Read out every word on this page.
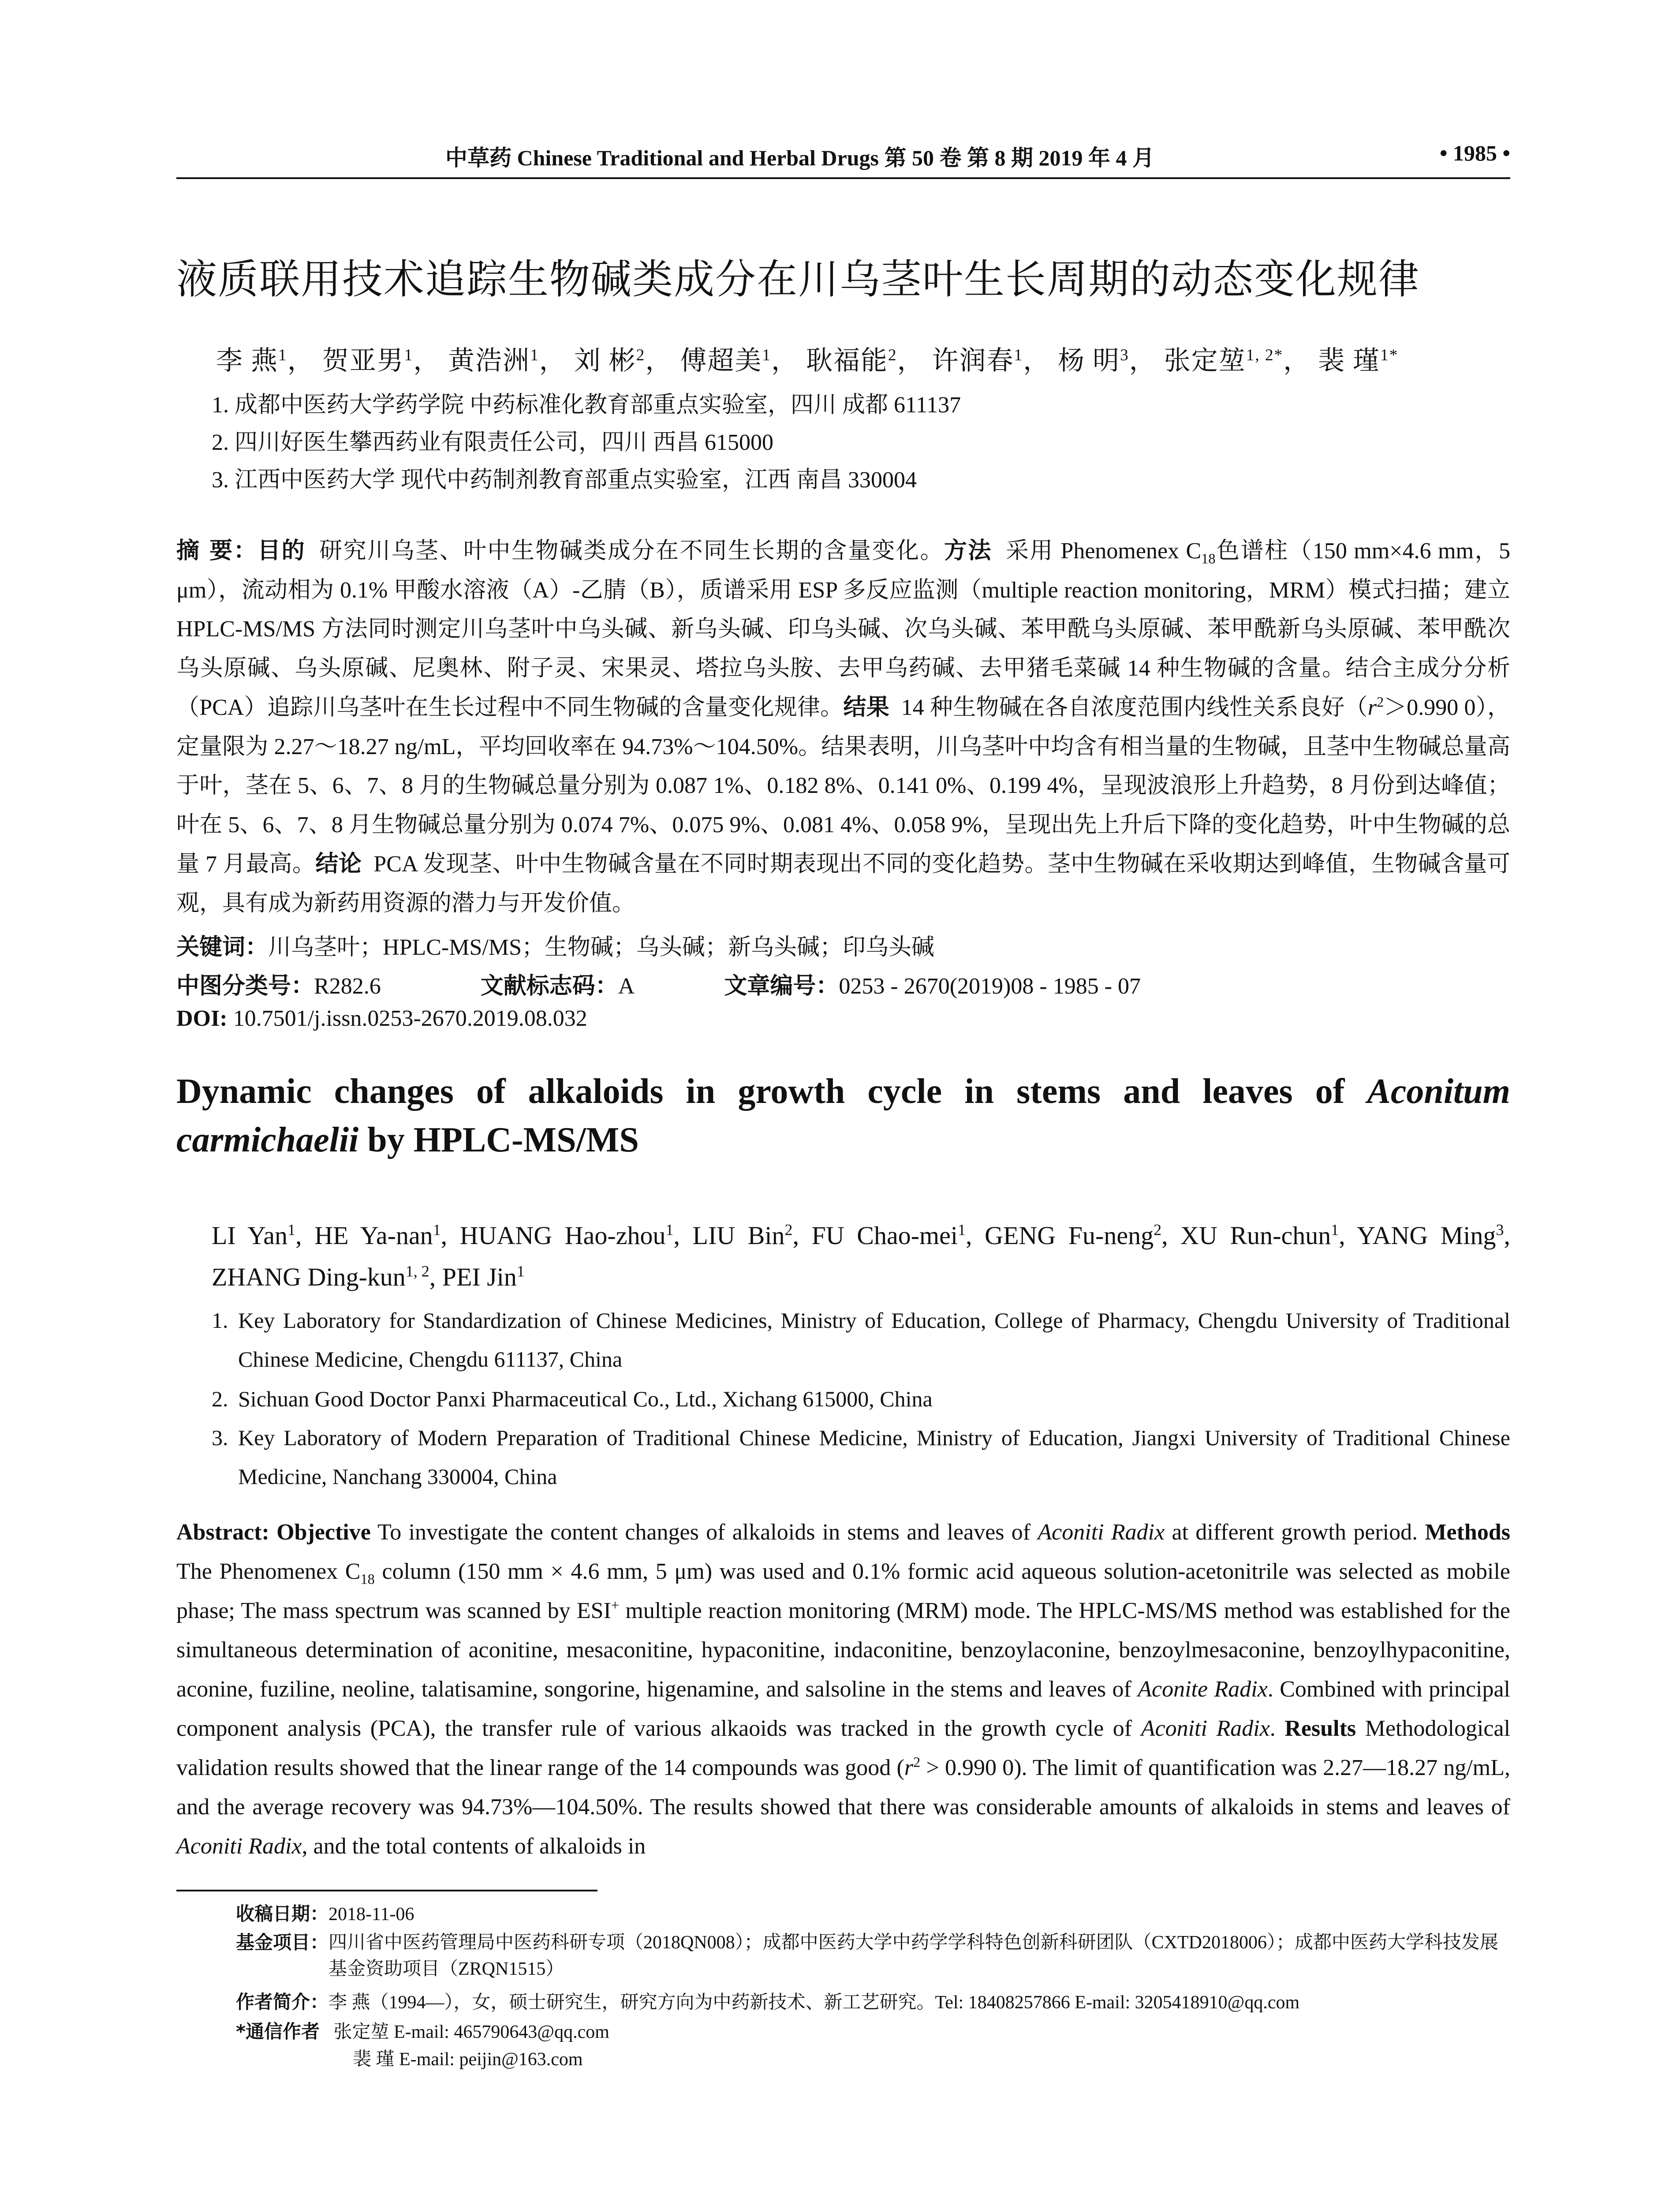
中草药 Chinese Traditional and Herbal Drugs 第 50 卷 第 8 期 2019 年 4 月	• 1985 •
液质联用技术追踪生物碱类成分在川乌茎叶生长周期的动态变化规律
李 燕$^1$， 贺亚男$^1$， 黄浩洲$^1$， 刘 彬$^2$， 傅超美$^1$， 耿福能$^2$， 许润春$^1$， 杨 明$^3$， 张定堃$^{1, 2*}$， 裴 瑾$^{1*}$
1. 成都中医药大学药学院 中药标准化教育部重点实验室，四川 成都 611137
2. 四川好医生攀西药业有限责任公司，四川 西昌 615000
3. 江西中医药大学 现代中药制剂教育部重点实验室，江西 南昌 330004
摘 要：目的 研究川乌茎、叶中生物碱类成分在不同生长期的含量变化。方法 采用 Phenomenex $C_{18}$色谱柱（150 mm×4.6 mm，5 μm），流动相为 0.1% 甲酸水溶液（A）-乙腈（B），质谱采用 ESP 多反应监测（multiple reaction monitoring，MRM）模式扫描；建立 HPLC-MS/MS 方法同时测定川乌茎叶中乌头碱、新乌头碱、印乌头碱、次乌头碱、苯甲酰乌头原碱、苯甲酰新乌头原碱、苯甲酰次乌头原碱、乌头原碱、尼奥林、附子灵、宋果灵、塔拉乌头胺、去甲乌药碱、去甲猪毛菜碱 14 种生物碱的含量。结合主成分分析（PCA）追踪川乌茎叶在生长过程中不同生物碱的含量变化规律。结果 14 种生物碱在各自浓度范围内线性关系良好（$r^2>0.990$ 0），定量限为 2.27～18.27 ng/mL，平均回收率在 94.73%～104.50%。结果表明，川乌茎叶中均含有相当量的生物碱，且茎中生物碱总量高于叶，茎在 5、6、7、8 月的生物碱总量分别为 0.087 1%、0.182 8%、0.141 0%、0.199 4%，呈现波浪形上升趋势，8 月份到达峰值；叶在 5、6、7、8 月生物碱总量分别为 0.074 7%、0.075 9%、0.081 4%、0.058 9%，呈现出先上升后下降的变化趋势，叶中生物碱的总量 7 月最高。结论 PCA 发现茎、叶中生物碱含量在不同时期表现出不同的变化趋势。茎中生物碱在采收期达到峰值，生物碱含量可观，具有成为新药用资源的潜力与开发价值。
关键词：川乌茎叶；HPLC-MS/MS；生物碱；乌头碱；新乌头碱；印乌头碱
中图分类号：R282.6	文献标志码：A	文章编号：0253 - 2670(2019)08 - 1985 - 07
DOI: 10.7501/j.issn.0253-2670.2019.08.032
Dynamic changes of alkaloids in growth cycle in stems and leaves of Aconitum carmichaelii by HPLC-MS/MS
LI Yan$^1$, HE Ya-nan$^1$, HUANG Hao-zhou$^1$, LIU Bin$^2$, FU Chao-mei$^1$, GENG Fu-neng$^2$, XU Run-chun$^1$, YANG Ming$^3$, ZHANG Ding-kun$^{1, 2}$, PEI Jin$^1$
1. Key Laboratory for Standardization of Chinese Medicines, Ministry of Education, College of Pharmacy, Chengdu University of Traditional Chinese Medicine, Chengdu 611137, China
2. Sichuan Good Doctor Panxi Pharmaceutical Co., Ltd., Xichang 615000, China
3. Key Laboratory of Modern Preparation of Traditional Chinese Medicine, Ministry of Education, Jiangxi University of Traditional Chinese Medicine, Nanchang 330004, China
Abstract: Objective To investigate the content changes of alkaloids in stems and leaves of Aconiti Radix at different growth period. Methods The Phenomenex $C_{18}$ column (150 mm × 4.6 mm, 5 μm) was used and 0.1% formic acid aqueous solution-acetonitrile was selected as mobile phase; The mass spectrum was scanned by ESI+ multiple reaction monitoring (MRM) mode. The HPLC-MS/MS method was established for the simultaneous determination of aconitine, mesaconitine, hypaconitine, indaconitine, benzoylaconine, benzoylmesaconine, benzoylhypaconitine, aconine, fuziline, neoline, talatisamine, songorine, higenamine, and salsoline in the stems and leaves of Aconite Radix. Combined with principal component analysis (PCA), the transfer rule of various alkaoids was tracked in the growth cycle of Aconiti Radix. Results Methodological validation results showed that the linear range of the 14 compounds was good ($r^2 > 0.990$ 0). The limit of quantification was 2.27—18.27 ng/mL, and the average recovery was 94.73%—104.50%. The results showed that there was considerable amounts of alkaloids in stems and leaves of Aconiti Radix, and the total contents of alkaloids in
收稿日期：2018-11-06
基金项目： 四川省中医药管理局中医药科研专项（2018QN008）；成都中医药大学中药学学科特色创新科研团队（CXTD2018006）；成都中医药大学科技发展基金资助项目（ZRQN1515）
作者简介：李 燕（1994—），女，硕士研究生，研究方向为中药新技术、新工艺研究。Tel: 18408257866 E-mail: 3205418910@qq.com
*通信作者 张定堃 E-mail: 465790643@qq.com
裴 瑾 E-mail: peijin@163.com
